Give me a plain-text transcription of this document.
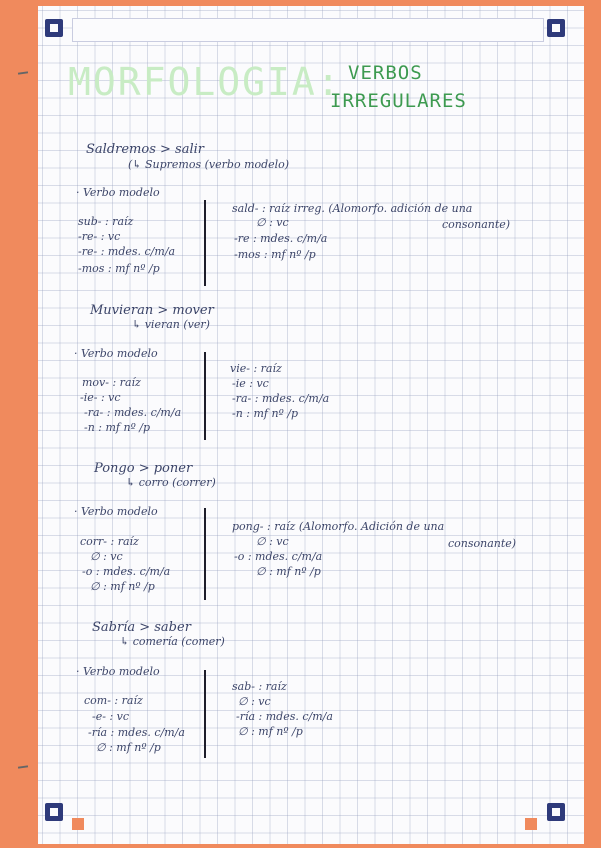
MORFOLOGIA: VERBOS
IRREGULARES
Saldremos > salir
(↳ Supremos (verbo modelo)
· Verbo modelo
sub- : raíz
-re- : vc
-re- : mdes. c/m/a
-mos : mf nº /p
sald- : raíz irreg. (Alomorfo. adición de una
∅ : vc
-re : mdes. c/m/a
-mos : mf nº /p
consonante)
Muvieran > mover
↳ vieran (ver)
· Verbo modelo
mov- : raíz
-ie- : vc
-ra- : mdes. c/m/a
-n : mf nº /p
vie- : raíz
-ie : vc
-ra- : mdes. c/m/a
-n : mf nº /p
Pongo > poner
↳ corro (correr)
· Verbo modelo
corr- : raíz
∅ : vc
-o : mdes. c/m/a
∅ : mf nº /p
pong- : raíz (Alomorfo. Adición de una
∅ : vc
-o : mdes. c/m/a
∅ : mf nº /p
consonante)
Sabría > saber
↳ comería (comer)
· Verbo modelo
com- : raíz
-e- : vc
-ría : mdes. c/m/a
∅ : mf nº /p
sab- : raíz
∅ : vc
-ría : mdes. c/m/a
∅ : mf nº /p
